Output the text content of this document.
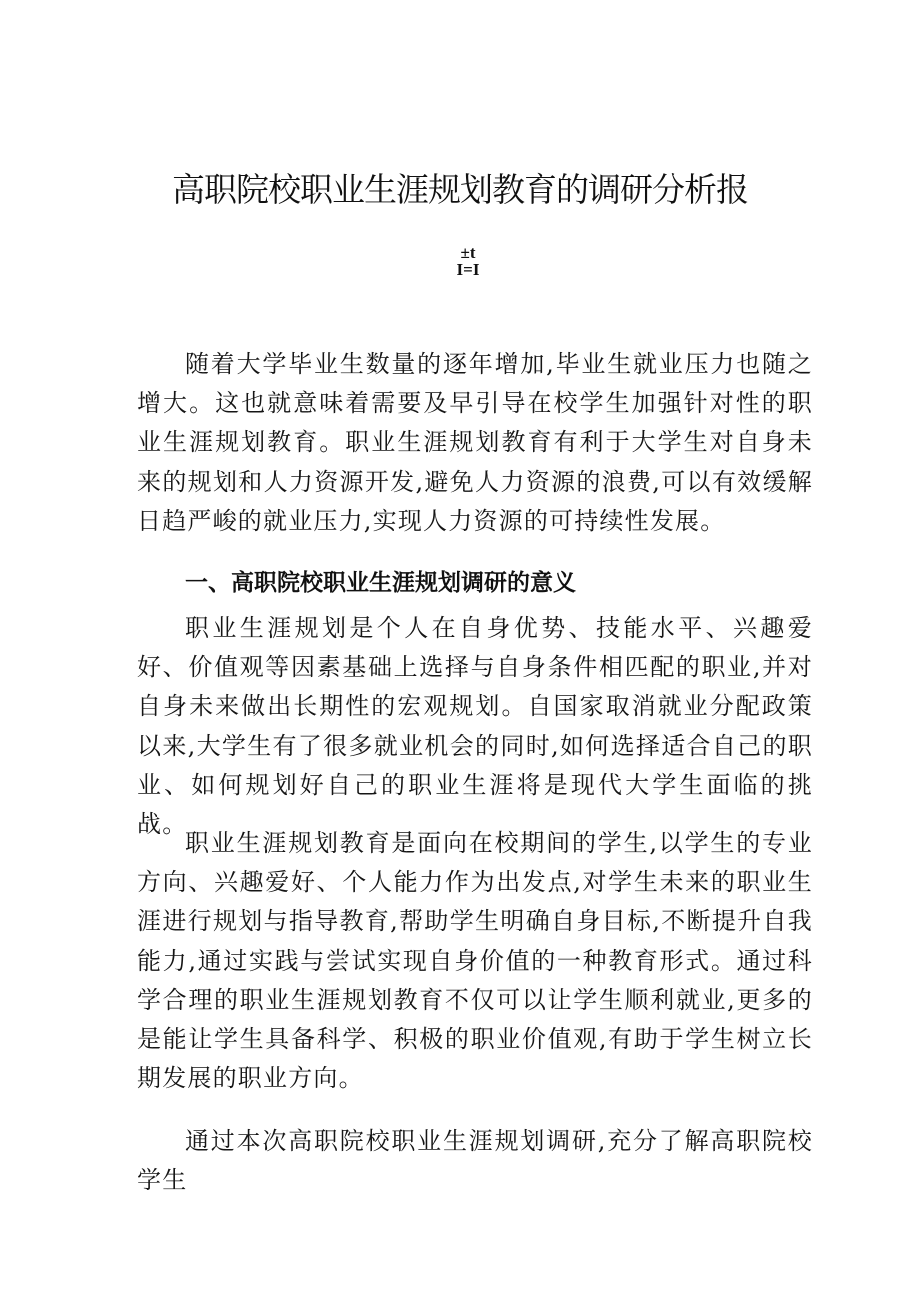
高职院校职业生涯规划教育的调研分析报
±t
I=I

随着大学毕业生数量的逐年增加,毕业生就业压力也随之增大。这也就意味着需要及早引导在校学生加强针对性的职业生涯规划教育。职业生涯规划教育有利于大学生对自身未来的规划和人力资源开发,避免人力资源的浪费,可以有效缓解日趋严峻的就业压力,实现人力资源的可持续性发展。

一、高职院校职业生涯规划调研的意义

职业生涯规划是个人在自身优势、技能水平、兴趣爱好、价值观等因素基础上选择与自身条件相匹配的职业,并对自身未来做出长期性的宏观规划。自国家取消就业分配政策以来,大学生有了很多就业机会的同时,如何选择适合自己的职业、如何规划好自己的职业生涯将是现代大学生面临的挑战。

职业生涯规划教育是面向在校期间的学生,以学生的专业方向、兴趣爱好、个人能力作为出发点,对学生未来的职业生涯进行规划与指导教育,帮助学生明确自身目标,不断提升自我能力,通过实践与尝试实现自身价值的一种教育形式。通过科学合理的职业生涯规划教育不仅可以让学生顺利就业,更多的是能让学生具备科学、积极的职业价值观,有助于学生树立长期发展的职业方向。

通过本次高职院校职业生涯规划调研,充分了解高职院校学生
